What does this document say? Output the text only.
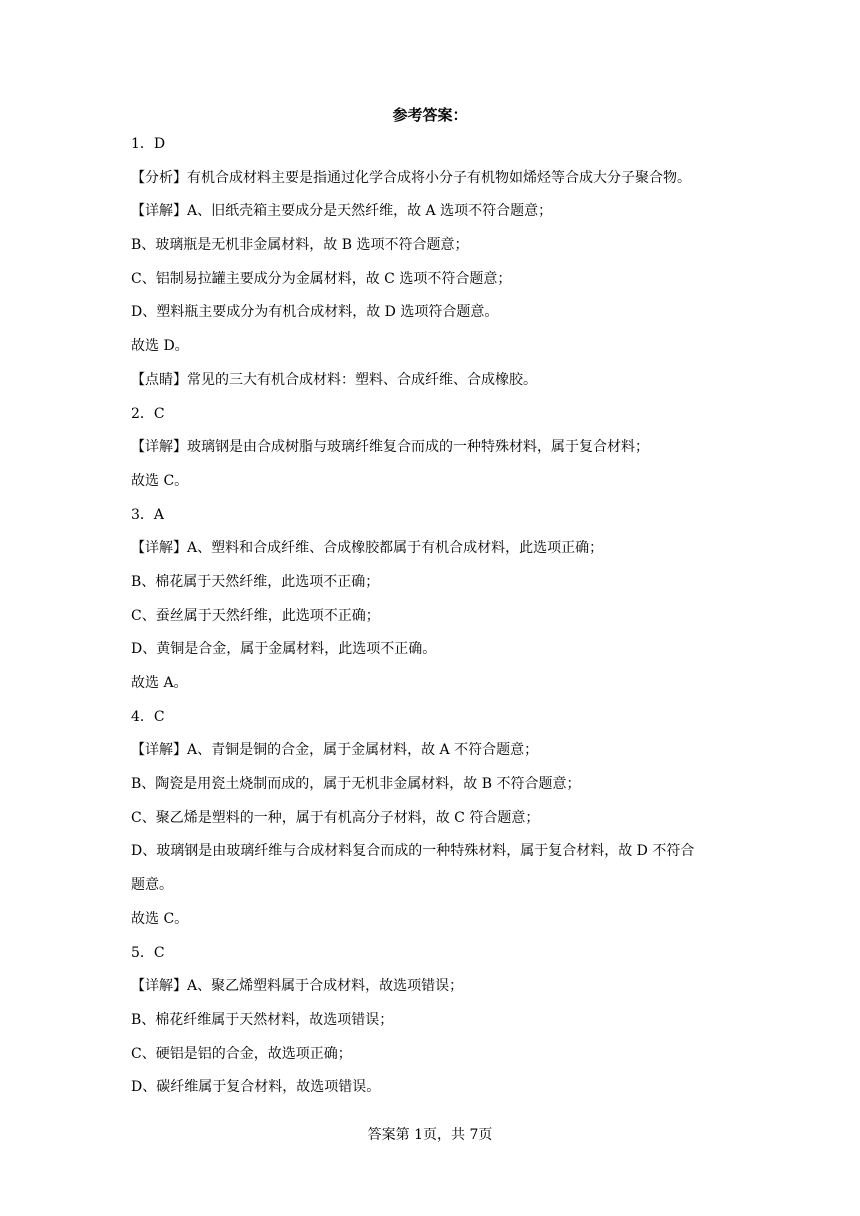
参考答案：
1．D
【分析】有机合成材料主要是指通过化学合成将小分子有机物如烯烃等合成大分子聚合物。
【详解】A、旧纸壳箱主要成分是天然纤维，故 A 选项不符合题意；
B、玻璃瓶是无机非金属材料，故 B 选项不符合题意；
C、铝制易拉罐主要成分为金属材料，故 C 选项不符合题意；
D、塑料瓶主要成分为有机合成材料，故 D 选项符合题意。
故选 D。
【点睛】常见的三大有机合成材料：塑料、合成纤维、合成橡胶。
2．C
【详解】玻璃钢是由合成树脂与玻璃纤维复合而成的一种特殊材料，属于复合材料；
故选 C。
3．A
【详解】A、塑料和合成纤维、合成橡胶都属于有机合成材料，此选项正确；
B、棉花属于天然纤维，此选项不正确；
C、蚕丝属于天然纤维，此选项不正确；
D、黄铜是合金，属于金属材料，此选项不正确。
故选 A。
4．C
【详解】A、青铜是铜的合金，属于金属材料，故 A 不符合题意；
B、陶瓷是用瓷土烧制而成的，属于无机非金属材料，故 B 不符合题意；
C、聚乙烯是塑料的一种，属于有机高分子材料，故 C 符合题意；
D、玻璃钢是由玻璃纤维与合成材料复合而成的一种特殊材料，属于复合材料，故 D 不符合
题意。
故选 C。
5．C
【详解】A、聚乙烯塑料属于合成材料，故选项错误；
B、棉花纤维属于天然材料，故选项错误；
C、硬铝是铝的合金，故选项正确；
D、碳纤维属于复合材料，故选项错误。
答案第 1页，共 7页
